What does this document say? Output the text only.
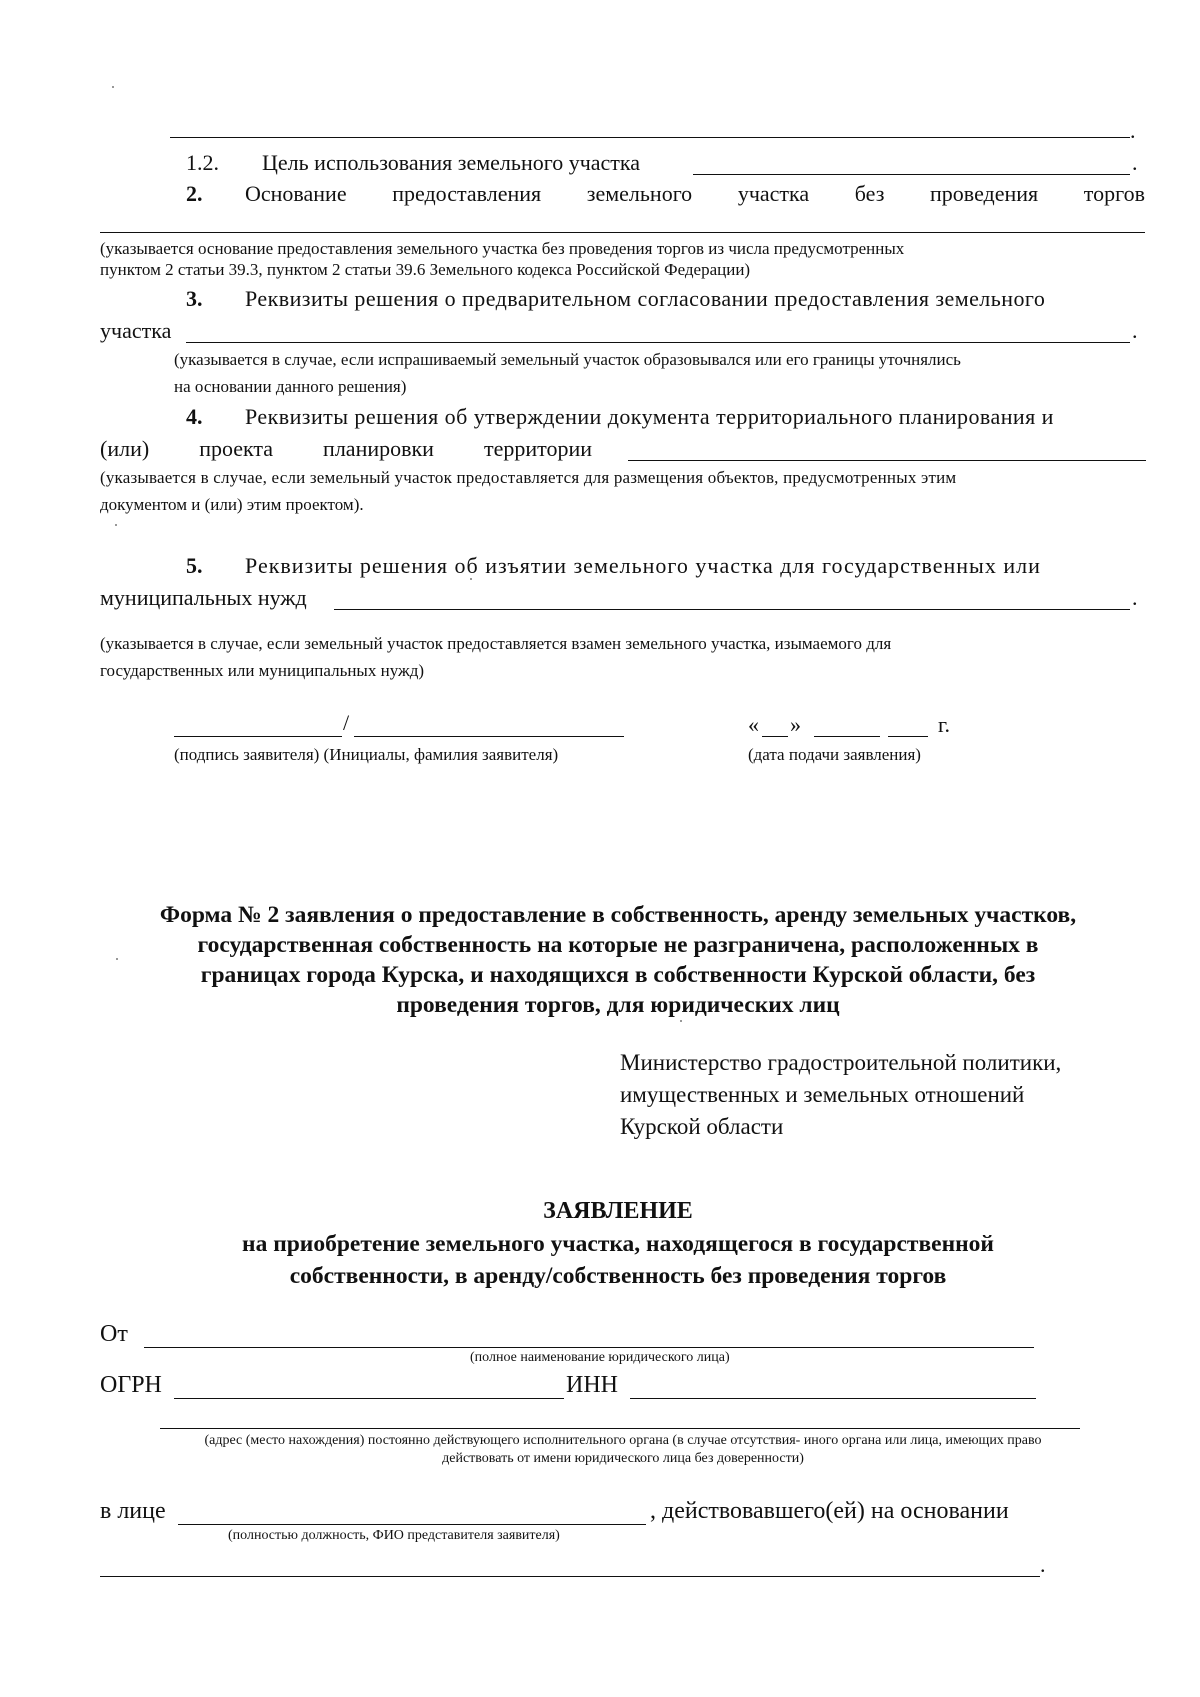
.
1.2. Цель использования земельного участка	.
2. Основание предоставления земельного участка без проведения торгов
(указывается основание предоставления земельного участка без проведения торгов из числа предусмотренных
пунктом 2 статьи 39.3, пунктом 2 статьи 39.6 Земельного кодекса Российской Федерации)
3. Реквизиты решения о предварительном согласовании предоставления земельного
участка	.
(указывается в случае, если испрашиваемый земельный участок образовывался или его границы уточнялись
на основании данного решения)
4. Реквизиты решения об утверждении документа территориального планирования и
(или) проекта планировки территории
(указывается в случае, если земельный участок предоставляется для размещения объектов, предусмотренных этим
документом и (или) этим проектом).
5. Реквизиты решения об изъятии земельного участка для государственных или
муниципальных нужд	.
(указывается в случае, если земельный участок предоставляется взамен земельного участка, изымаемого для
государственных или муниципальных нужд)
/
(подпись заявителя) (Инициалы, фамилия заявителя)
« »	г.
(дата подачи заявления)
Форма № 2 заявления о предоставление в собственность, аренду земельных участков,
государственная собственность на которые не разграничена, расположенных в
границах города Курска, и находящихся в собственности Курской области, без
проведения торгов, для юридических лиц
Министерство градостроительной политики,
имущественных и земельных отношений
Курской области
ЗАЯВЛЕНИЕ
на приобретение земельного участка, находящегося в государственной
собственности, в аренду/собственность без проведения торгов
От
(полное наименование юридического лица)
ОГРН	ИНН
(адрес (место нахождения) постоянно действующего исполнительного органа (в случае отсутствия- иного органа или лица, имеющих право
действовать от имени юридического лица без доверенности)
в лице	, действовавшего(ей) на основании
(полностью должность, ФИО представителя заявителя)
.
